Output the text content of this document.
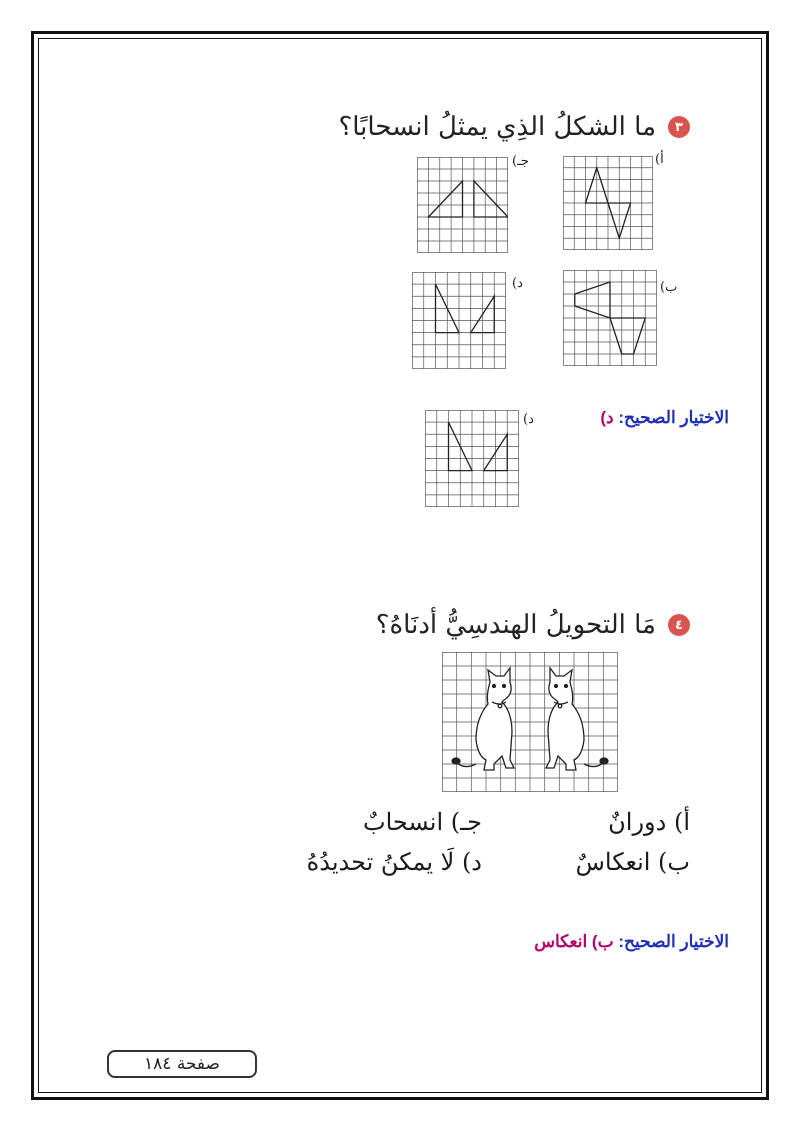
٣
ما الشكلُ الذِي يمثلُ انسحابًا؟
أ)
جـ)
ب)
د)
الاختيار الصحيح: د)
د)
٤
مَا التحويلُ الهندسِيُّ أدنَاهُ؟
أ) دورانٌ
جـ) انسحابٌ
ب) انعكاسٌ
د) لَا يمكنُ تحديدُهُ
الاختيار الصحيح: ب) انعكاس
صفحة ١٨٤
